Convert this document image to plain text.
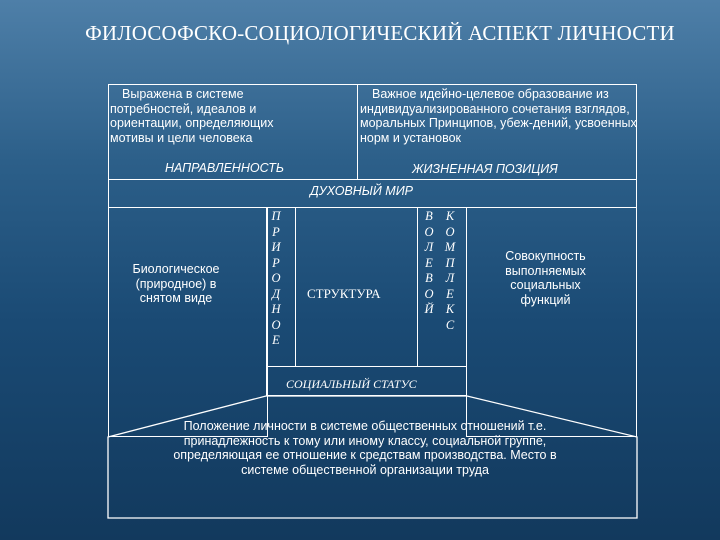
ФИЛОСОФСКО-СОЦИОЛОГИЧЕСКИЙ АСПЕКТ ЛИЧНОСТИ
Выражена в системе потребностей, идеалов и ориентации, определяющих мотивы и цели человека
НАПРАВЛЕННОСТЬ
Важное идейно-целевое образование из индивидуализированного сочетания взглядов, моральных Принципов, убеж-дений, усвоенных норм и установок
ЖИЗНЕННАЯ ПОЗИЦИЯ
ДУХОВНЫЙ МИР
Биологическое (природное) в снятом виде
П
Р
И
Р
О
Д
Н
О
Е
СТРУКТУРА
В
О
Л
Е
В
О
Й
К
О
М
П
Л
Е
К
С
Совокупность выполняемых социальных функций
СОЦИАЛЬНЫЙ СТАТУС
Положение личности в системе общественных отношений т.е. принадлежность к тому или иному классу, социальной группе, определяющая ее отношение к средствам производства. Место в системе общественной организации труда
